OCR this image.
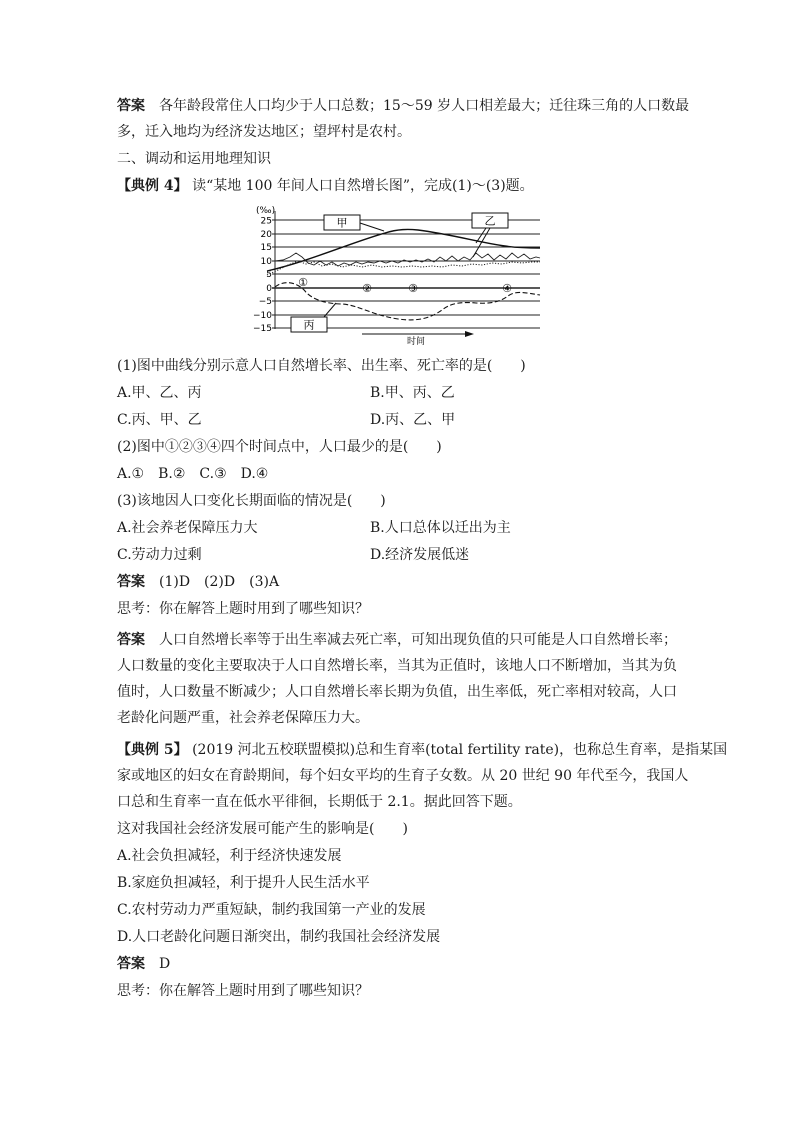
答案　 各年龄段常住人口均少于人口总数；15～59 岁人口相差最大；迁往珠三角的人口数最
多，迁入地均为经济发达地区；望坪村是农村。
二、调动和运用地理知识
【典例 4】 读“某地 100 年间人口自然增长图”，完成(1)～(3)题。
(‰)
25
20
15
10
5
0
−5
−10
−15
甲	乙
丙
①	②	③	④
时间
(1)图中曲线分别示意人口自然增长率、出生率、死亡率的是(　　)
A.甲、乙、丙	B.甲、丙、乙
C.丙、甲、乙	D.丙、乙、甲
(2)图中①②③④四个时间点中，人口最少的是(　　)
A.①　B.②　C.③　D.④
(3)该地因人口变化长期面临的情况是(　　)
A.社会养老保障压力大	B.人口总体以迁出为主
C.劳动力过剩	D.经济发展低迷
答案　 (1)D　(2)D　(3)A
思考：你在解答上题时用到了哪些知识？
答案　 人口自然增长率等于出生率减去死亡率，可知出现负值的只可能是人口自然增长率；
人口数量的变化主要取决于人口自然增长率，当其为正值时，该地人口不断增加，当其为负
值时，人口数量不断减少；人口自然增长率长期为负值，出生率低，死亡率相对较高，人口
老龄化问题严重，社会养老保障压力大。
【典例 5】 (2019 河北五校联盟模拟)总和生育率(total fertility rate)，也称总生育率，是指某国
家或地区的妇女在育龄期间，每个妇女平均的生育子女数。从 20 世纪 90 年代至今，我国人
口总和生育率一直在低水平徘徊，长期低于 2.1。据此回答下题。
这对我国社会经济发展可能产生的影响是(　　)
A.社会负担减轻，利于经济快速发展
B.家庭负担减轻，利于提升人民生活水平
C.农村劳动力严重短缺，制约我国第一产业的发展
D.人口老龄化问题日渐突出，制约我国社会经济发展
答案　 D
思考：你在解答上题时用到了哪些知识？
